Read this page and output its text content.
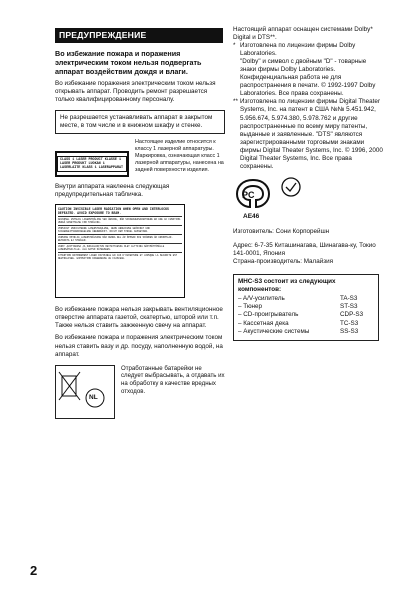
ПРЕДУПРЕЖДЕНИЕ

Во избежание пожара и поражения электрическим током нельзя подвергать аппарат воздействим дождя и влаги.

Во избежание поражения электрическим током нельзя открывать аппарат. Проводить ремонт разрешается только квалифицированному персоналу.

Не разрешается устанавливать аппарат в закрытом месте, в том числе и в книжном шкафу и стенке.

CLASS 1 LASER PRODUCT KLASSE 1 LASER PRODUKT LUOKAN 1 LASERLAITE KLASS 1 LASERAPPARAT

Настоящее изделие относится к классу 1 лазерной аппаратуры. Маркировка, означающая класс 1 лазерной аппаратуры, нанесена на задней поверхности изделия.

Внутри аппарата наклеена следующая предупредительная табличка.

CAUTION INVISIBLE LASER RADIATION WHEN OPEN AND INTERLOCKS DEFEATED. AVOID EXPOSURE TO BEAM.
ADVARSEL USYNLIG LASERSTRÅLING VED ÅBNING, NÅR SIKKERHEDSAFBRYDERE ER UDE AF FUNKTION. UNDGÅ UDSÆTTELSE FOR STRÅLING.
VORSICHT UNSICHTBARE LASERSTRAHLUNG, WENN ABDECKUNG GEÖFFNET UND SICHERHEITSVERRIEGELUNG ÜBERBRÜCKT. NICHT DEM STRAHL AUSSETZEN.
VARNING OSYNLIG LASERSTRÅLNING NÄR DENNA DEL ÄR ÖPPNAD OCH SPÄRREN ÄR URKOPPLAD. BETRAKTA EJ STRÅLEN.
VARO! AVATTAESSA JA SUOJALUKITUS OHITETTAESSA OLET ALTTIINA NÄKYMÄTTÖMÄLLE LASERSÄTEILYLLE. ÄLÄ KATSO SÄTEESEEN.
ATTENTION RAYONNEMENT LASER INVISIBLE EN CAS D'OUVERTURE ET LORSQUE LA SECURITE EST NEUTRALISEE. EXPOSITION DANGEREUSE AU FAISCEAU.

Во избежание пожара нельзя закрывать вентиляционное отверстие аппарата газетой, скатертью, шторой или т.п. Также нельзя ставить зажженную свечу на аппарат.

Во избежание пожара и поражения электрическим током нельзя ставить вазу и др. посуду, наполненную водой, на аппарат.

NL

Отработанные батарейки не следует выбрасывать, а отдавать их на обработку в качестве вредных отходов.

Настоящий аппарат оснащен системами Dolby* Digital и DTS**.

* Изготовлена по лицензии фирмы Dolby Laboratories.

"Dolby" и символ с двойным "D" - товарные знаки фирмы Dolby Laboratories. Конфиденциальная работа не для распространения в печати. © 1992-1997 Dolby Laboratories. Все права сохранены.

** Изготовлена по лицензии фирмы Digital Theater Systems, Inc. на патент в США №№ 5.451.942, 5.956.674, 5.974.380, 5.978.762 и другие распространенные по всему миру патенты, выданные и заявленные. "DTS" являются зарегистрированными торговыми знаками фирмы Digital Theater Systems, Inc. © 1996, 2000 Digital Theater Systems, Inc. Все права сохранены.

PC
AE46

Изготовитель: Сони Корпорейшн

Адрес: 6-7-35 Киташинагава, Шинагава-ку, Токио 141-0001, Япония

Страна-производитель: Малайзия

MHC-S3 состоит из следующих компонентов:
– A/V-усилитель	TA-S3
– Тюнер	ST-S3
– CD-проигрыватель	CDP-S3
– Кассетная дека	TC-S3
– Акустические системы	SS-S3
2
